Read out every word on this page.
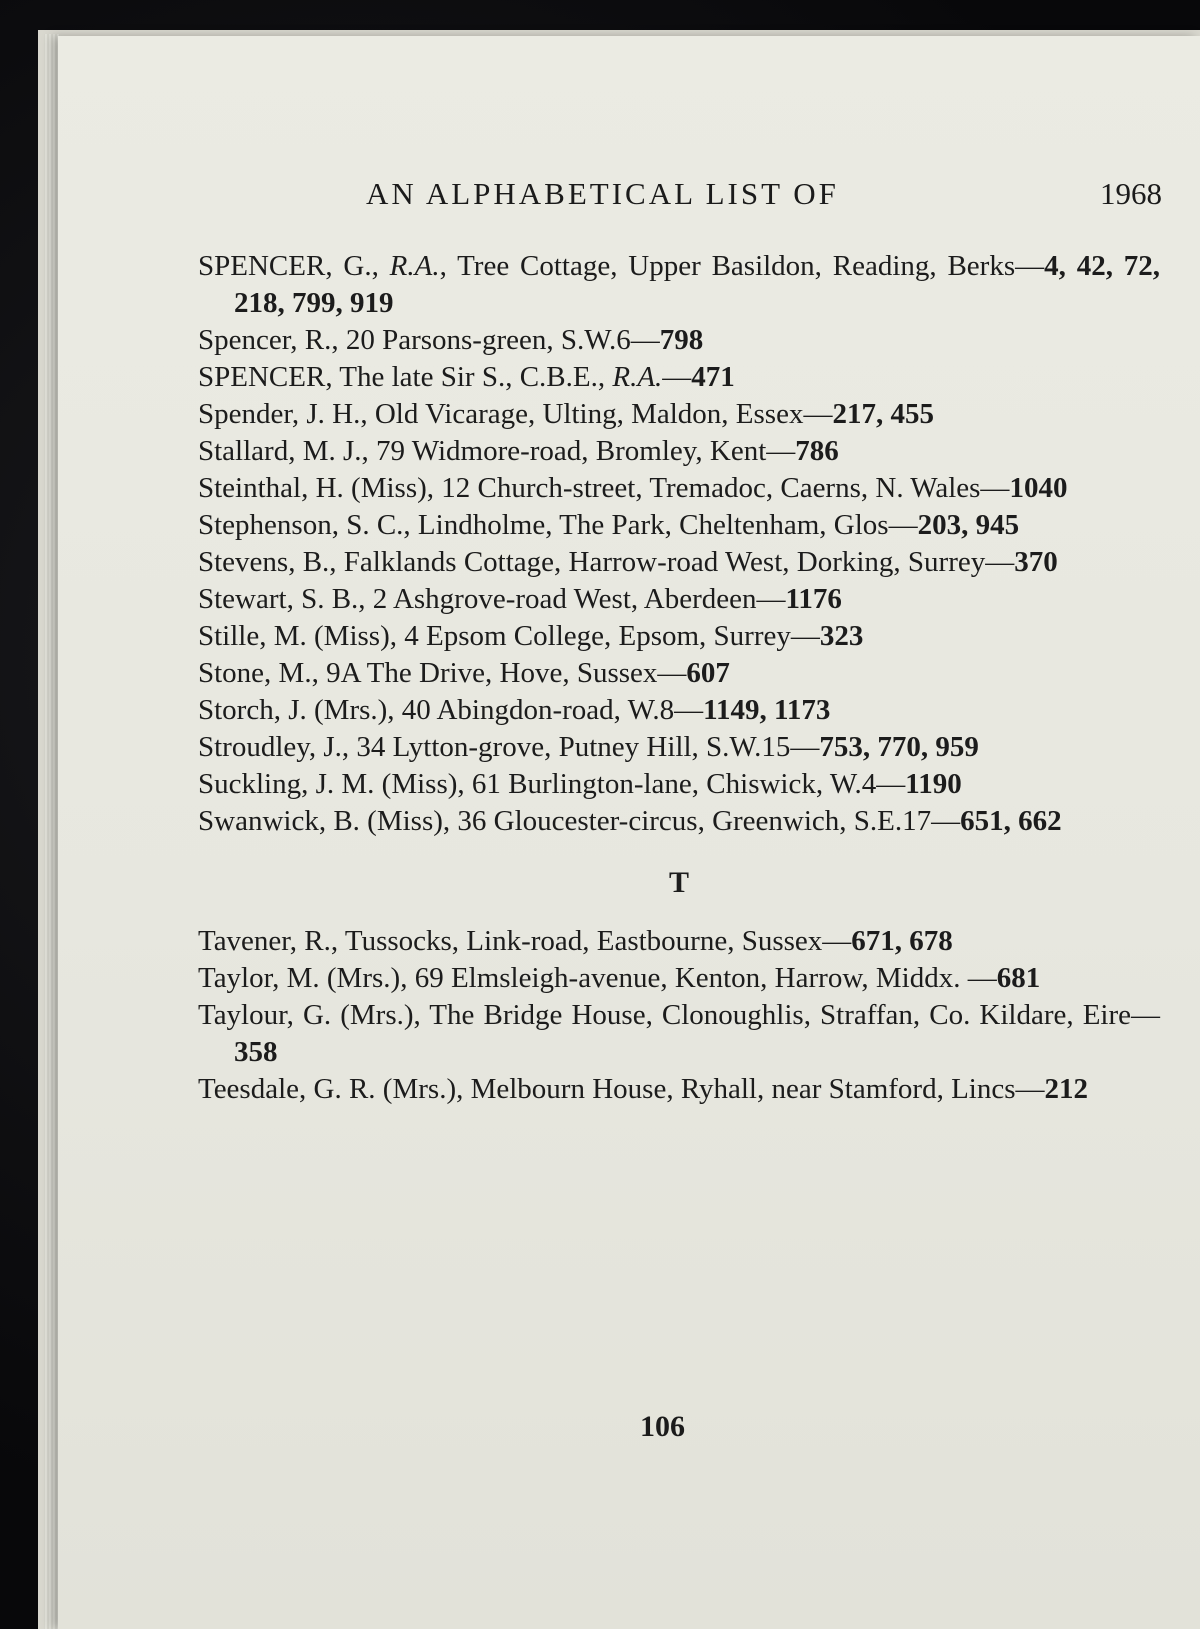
AN ALPHABETICAL LIST OF	1968

SPENCER, G., R.A., Tree Cottage, Upper Basildon, Reading, Berks—4, 42, 72, 218, 799, 919

Spencer, R., 20 Parsons-green, S.W.6—798

SPENCER, The late Sir S., C.B.E., R.A.—471

Spender, J. H., Old Vicarage, Ulting, Maldon, Essex—217, 455

Stallard, M. J., 79 Widmore-road, Bromley, Kent—786

Steinthal, H. (Miss), 12 Church-street, Tremadoc, Caerns, N. Wales—1040

Stephenson, S. C., Lindholme, The Park, Cheltenham, Glos—203, 945

Stevens, B., Falklands Cottage, Harrow-road West, Dorking, Surrey—370

Stewart, S. B., 2 Ashgrove-road West, Aberdeen—1176

Stille, M. (Miss), 4 Epsom College, Epsom, Surrey—323

Stone, M., 9A The Drive, Hove, Sussex—607

Storch, J. (Mrs.), 40 Abingdon-road, W.8—1149, 1173

Stroudley, J., 34 Lytton-grove, Putney Hill, S.W.15—753, 770, 959

Suckling, J. M. (Miss), 61 Burlington-lane, Chiswick, W.4—1190

Swanwick, B. (Miss), 36 Gloucester-circus, Greenwich, S.E.17—651, 662

T

Tavener, R., Tussocks, Link-road, Eastbourne, Sussex—671, 678

Taylor, M. (Mrs.), 69 Elmsleigh-avenue, Kenton, Harrow, Middx. —681

Taylour, G. (Mrs.), The Bridge House, Clonoughlis, Straffan, Co. Kildare, Eire—358

Teesdale, G. R. (Mrs.), Melbourn House, Ryhall, near Stamford, Lincs—212

106
